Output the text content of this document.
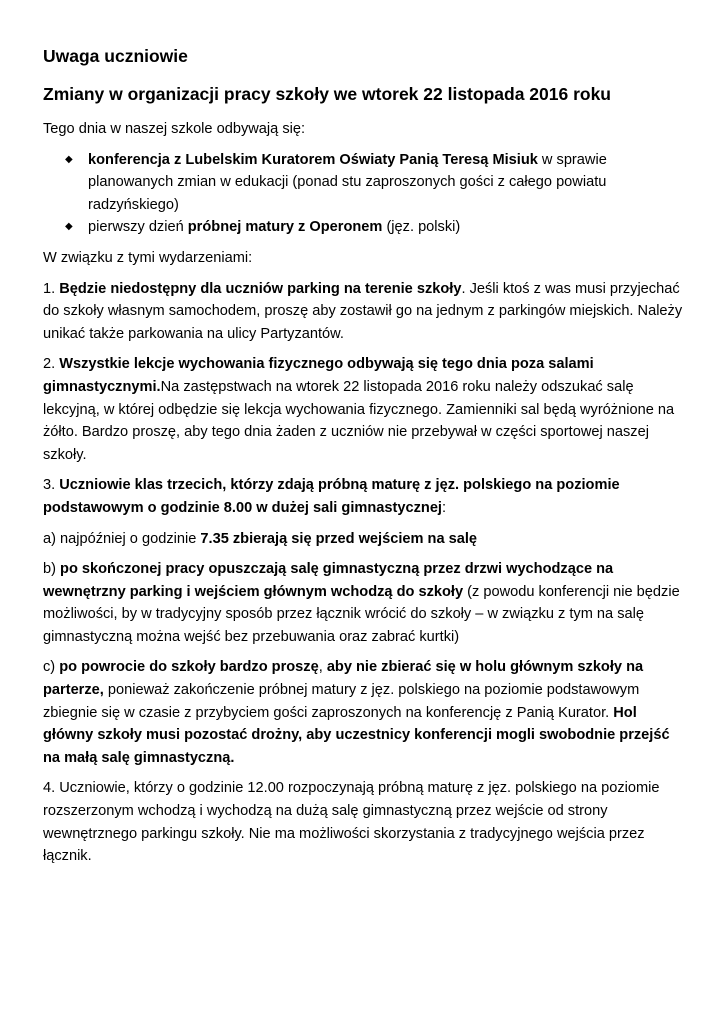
Uwaga uczniowie
Zmiany w organizacji pracy szkoły we wtorek 22 listopada 2016 roku

Tego dnia w naszej szkole odbywają się:

◆ konferencja z Lubelskim Kuratorem Oświaty Panią Teresą Misiuk w sprawie planowanych zmian w edukacji (ponad stu zaproszonych gości z całego powiatu radzyńskiego)
◆ pierwszy dzień próbnej matury z Operonem (jęz. polski)

W związku z tymi wydarzeniami:

1. Będzie niedostępny dla uczniów parking na terenie szkoły. Jeśli ktoś z was musi przyjechać do szkoły własnym samochodem, proszę aby zostawił go na jednym z parkingów miejskich. Należy unikać także parkowania na ulicy Partyzantów.

2. Wszystkie lekcje wychowania fizycznego odbywają się tego dnia poza salami gimnastycznymi.Na zastępstwach na wtorek 22 listopada 2016 roku należy odszukać salę lekcyjną, w której odbędzie się lekcja wychowania fizycznego. Zamienniki sal będą wyróżnione na żółto. Bardzo proszę, aby tego dnia żaden z uczniów nie przebywał w części sportowej naszej szkoły.

3. Uczniowie klas trzecich, którzy zdają próbną maturę z jęz. polskiego na poziomie podstawowym o godzinie 8.00 w dużej sali gimnastycznej:

a) najpóźniej o godzinie 7.35 zbierają się przed wejściem na salę

b) po skończonej pracy opuszczają salę gimnastyczną przez drzwi wychodzące na wewnętrzny parking i wejściem głównym wchodzą do szkoły (z powodu konferencji nie będzie możliwości, by w tradycyjny sposób przez łącznik wrócić do szkoły – w związku z tym na salę gimnastyczną można wejść bez przebuwania oraz zabrać kurtki)

c) po powrocie do szkoły bardzo proszę, aby nie zbierać się w holu głównym szkoły na parterze, ponieważ zakończenie próbnej matury z jęz. polskiego na poziomie podstawowym zbiegnie się w czasie z przybyciem gości zaproszonych na konferencję z Panią Kurator. Hol główny szkoły musi pozostać drożny, aby uczestnicy konferencji mogli swobodnie przejść na małą salę gimnastyczną.

4. Uczniowie, którzy o godzinie 12.00 rozpoczynają próbną maturę z jęz. polskiego na poziomie rozszerzonym wchodzą i wychodzą na dużą salę gimnastyczną przez wejście od strony wewnętrznego parkingu szkoły. Nie ma możliwości skorzystania z tradycyjnego wejścia przez łącznik.
